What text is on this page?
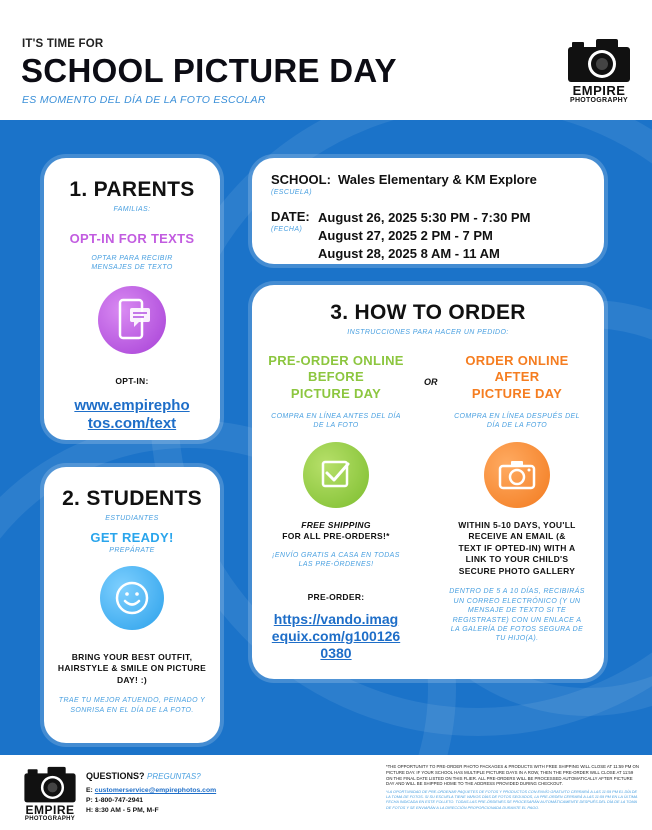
IT'S TIME FOR
SCHOOL PICTURE DAY
ES MOMENTO DEL DÍA DE LA FOTO ESCOLAR
EMPIRE
PHOTOGRAPHY
1. PARENTS
FAMILIAS:
OPT-IN FOR TEXTS
OPTAR PARA RECIBIR MENSAJES DE TEXTO
OPT-IN:
www.empirepho
tos.com/text
2. STUDENTS
ESTUDIANTES
GET READY!
PREPÁRATE
BRING YOUR BEST OUTFIT, HAIRSTYLE & SMILE ON PICTURE DAY! :)
TRAE TU MEJOR ATUENDO, PEINADO Y SONRISA EN EL DÍA DE LA FOTO.
SCHOOL:
(ESCUELA)
Wales Elementary & KM Explore
DATE:
(FECHA)
August 26, 2025 5:30 PM - 7:30 PM
August 27, 2025 2 PM - 7 PM
August 28, 2025 8 AM - 11 AM
3. HOW TO ORDER
INSTRUCCIONES PARA HACER UN PEDIDO:
OR
PRE-ORDER ONLINE
BEFORE
PICTURE DAY
COMPRA EN LÍNEA ANTES DEL DÍA DE LA FOTO
FREE SHIPPING
FOR ALL PRE-ORDERS!*
¡ENVÍO GRATIS A CASA EN TODAS LAS PRE-ÓRDENES!
PRE-ORDER:
https://vando.imag
equix.com/g100126
0380
ORDER ONLINE
AFTER
PICTURE DAY
COMPRA EN LÍNEA DESPUÉS DEL DÍA DE LA FOTO
WITHIN 5-10 DAYS, YOU'LL RECEIVE AN EMAIL (& TEXT IF OPTED-IN) WITH A LINK TO YOUR CHILD'S SECURE PHOTO GALLERY
DENTRO DE 5 A 10 DÍAS, RECIBIRÁS UN CORREO ELECTRÓNICO (Y UN MENSAJE DE TEXTO SI TE REGISTRASTE) CON UN ENLACE A LA GALERÍA DE FOTOS SEGURA DE TU HIJO(A).
EMPIRE
PHOTOGRAPHY
QUESTIONS? PREGUNTAS?
E: customerservice@empirephotos.com
P: 1-800-747-2941
H: 8:30 AM - 5 PM, M-F
*THE OPPORTUNITY TO PRE-ORDER PHOTO PACKAGES & PRODUCTS WITH FREE SHIPPING WILL CLOSE AT 11:59 PM ON PICTURE DAY. IF YOUR SCHOOL HAS MULTIPLE PICTURE DAYS IN A ROW, THEN THE PRE-ORDER WILL CLOSE AT 11:59 ON THE FINAL DATE LISTED ON THIS FLIER. ALL PRE-ORDERS WILL BE PROCESSED AUTOMATICALLY AFTER PICTURE DAY AND WILL BE SHIPPED HOME TO THE ADDRESS PROVIDED DURING CHECKOUT.
*LA OPORTUNIDAD DE PRE-ORDENAR PAQUETES DE FOTOS Y PRODUCTOS CON ENVÍO GRATUITO CERRARÁ A LAS 11:59 PM EL DÍA DE LA TOMA DE FOTOS. SI SU ESCUELA TIENE VARIOS DÍAS DE FOTOS SEGUIDOS, LA PRE-ORDEN CERRARÁ A LAS 11:59 PM EN LA ÚLTIMA FECHA INDICADA EN ESTE FOLLETO. TODAS LAS PRE-ÓRDENES SE PROCESARÁN AUTOMÁTICAMENTE DESPUÉS DEL DÍA DE LA TOMA DE FOTOS Y SE ENVIARÁN A LA DIRECCIÓN PROPORCIONADA DURANTE EL PAGO.
